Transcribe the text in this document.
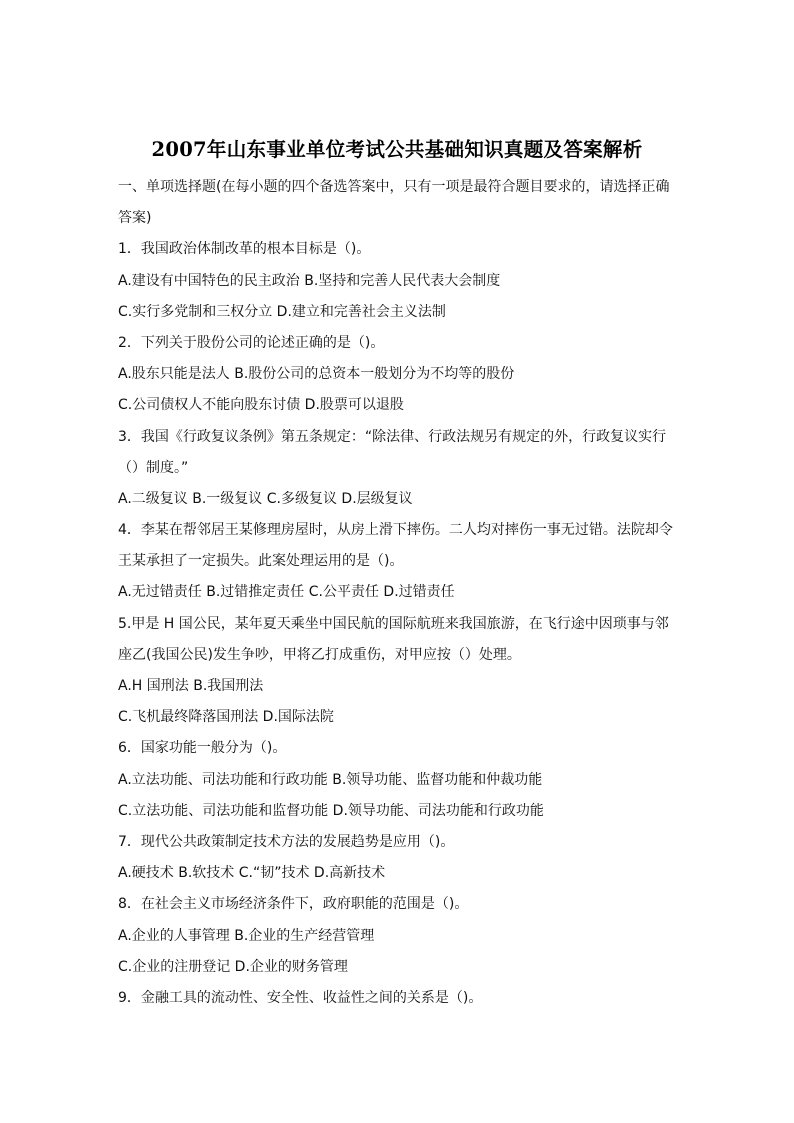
2007年山东事业单位考试公共基础知识真题及答案解析
一、单项选择题(在每小题的四个备选答案中，只有一项是最符合题目要求的，请选择正确
答案)
1．我国政治体制改革的根本目标是（)。
A.建设有中国特色的民主政治 B.坚持和完善人民代表大会制度
C.实行多党制和三权分立 D.建立和完善社会主义法制
2．下列关于股份公司的论述正确的是（)。
A.股东只能是法人 B.股份公司的总资本一般划分为不均等的股份
C.公司债权人不能向股东讨债 D.股票可以退股
3．我国《行政复议条例》第五条规定：“除法律、行政法规另有规定的外，行政复议实行
（）制度。”
A.二级复议 B.一级复议 C.多级复议 D.层级复议
4．李某在帮邻居王某修理房屋时，从房上滑下摔伤。二人均对摔伤一事无过错。法院却令
王某承担了一定损失。此案处理运用的是（)。
A.无过错责任 B.过错推定责任 C.公平责任 D.过错责任
5.甲是 H 国公民，某年夏天乘坐中国民航的国际航班来我国旅游，在飞行途中因琐事与邻
座乙(我国公民)发生争吵，甲将乙打成重伤，对甲应按（）处理。
A.H 国刑法 B.我国刑法
C.飞机最终降落国刑法 D.国际法院
6．国家功能一般分为（)。
A.立法功能、司法功能和行政功能 B.领导功能、监督功能和仲裁功能
C.立法功能、司法功能和监督功能 D.领导功能、司法功能和行政功能
7．现代公共政策制定技术方法的发展趋势是应用（)。
A.硬技术 B.软技术 C.“韧”技术 D.高新技术
8．在社会主义市场经济条件下，政府职能的范围是（)。
A.企业的人事管理 B.企业的生产经营管理
C.企业的注册登记 D.企业的财务管理
9．金融工具的流动性、安全性、收益性之间的关系是（)。
